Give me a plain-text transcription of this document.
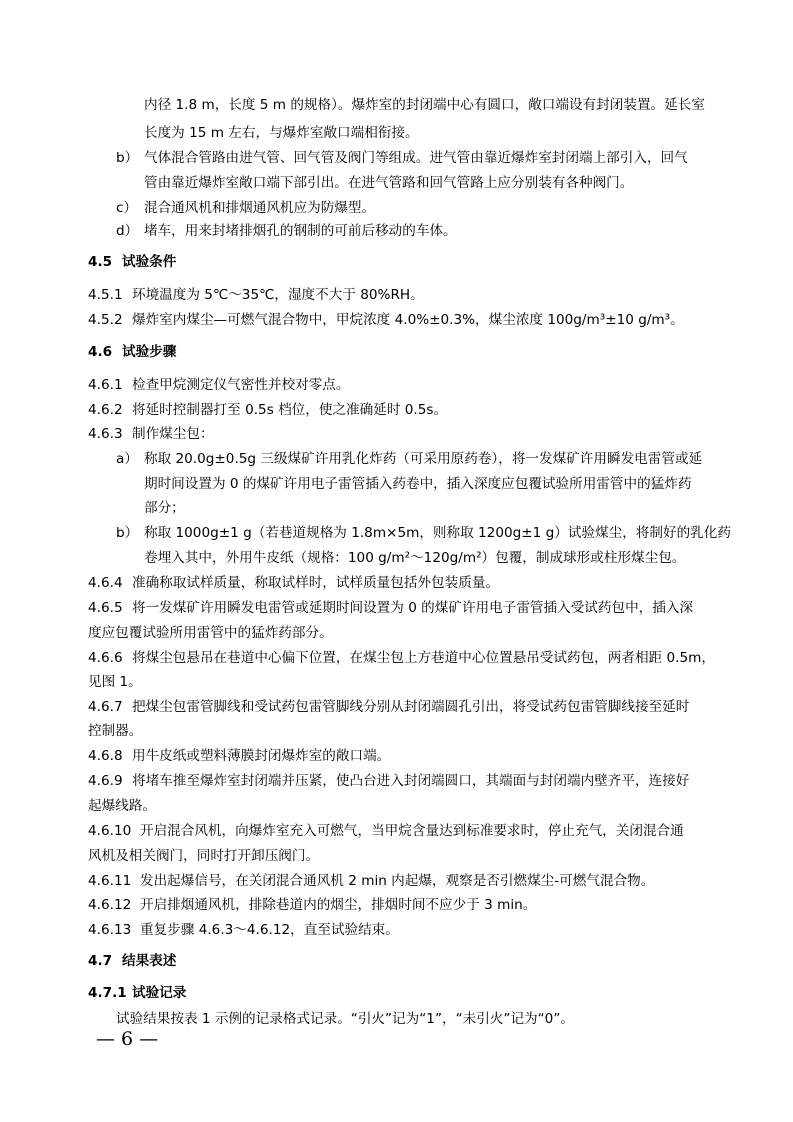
内径 1.8 m，长度 5 m 的规格）。爆炸室的封闭端中心有圆口，敞口端设有封闭装置。延长室
长度为 15 m 左右，与爆炸室敞口端相衔接。
b） 气体混合管路由进气管、回气管及阀门等组成。进气管由靠近爆炸室封闭端上部引入，回气
管由靠近爆炸室敞口端下部引出。在进气管路和回气管路上应分别装有各种阀门。
c） 混合通风机和排烟通风机应为防爆型。
d） 堵车，用来封堵排烟孔的钢制的可前后移动的车体。
4.5 试验条件
4.5.1 环境温度为 5℃～35℃，湿度不大于 80%RH。
4.5.2 爆炸室内煤尘—可燃气混合物中，甲烷浓度 4.0%±0.3%，煤尘浓度 100g/m³±10 g/m³。
4.6 试验步骤
4.6.1 检查甲烷测定仪气密性并校对零点。
4.6.2 将延时控制器打至 0.5s 档位，使之准确延时 0.5s。
4.6.3 制作煤尘包：
a） 称取 20.0g±0.5g 三级煤矿许用乳化炸药（可采用原药卷），将一发煤矿许用瞬发电雷管或延
期时间设置为 0 的煤矿许用电子雷管插入药卷中，插入深度应包覆试验所用雷管中的猛炸药
部分；
b） 称取 1000g±1 g（若巷道规格为 1.8m×5m，则称取 1200g±1 g）试验煤尘，将制好的乳化药
卷埋入其中，外用牛皮纸（规格：100 g/m²～120g/m²）包覆，制成球形或柱形煤尘包。
4.6.4 准确称取试样质量，称取试样时，试样质量包括外包装质量。
4.6.5 将一发煤矿许用瞬发电雷管或延期时间设置为 0 的煤矿许用电子雷管插入受试药包中，插入深
度应包覆试验所用雷管中的猛炸药部分。
4.6.6 将煤尘包悬吊在巷道中心偏下位置，在煤尘包上方巷道中心位置悬吊受试药包，两者相距 0.5m，
见图 1。
4.6.7 把煤尘包雷管脚线和受试药包雷管脚线分别从封闭端圆孔引出，将受试药包雷管脚线接至延时
控制器。
4.6.8 用牛皮纸或塑料薄膜封闭爆炸室的敞口端。
4.6.9 将堵车推至爆炸室封闭端并压紧，使凸台进入封闭端圆口，其端面与封闭端内壁齐平，连接好
起爆线路。
4.6.10 开启混合风机，向爆炸室充入可燃气，当甲烷含量达到标准要求时，停止充气，关闭混合通
风机及相关阀门，同时打开卸压阀门。
4.6.11 发出起爆信号，在关闭混合通风机 2 min 内起爆，观察是否引燃煤尘-可燃气混合物。
4.6.12 开启排烟通风机，排除巷道内的烟尘，排烟时间不应少于 3 min。
4.6.13 重复步骤 4.6.3～4.6.12，直至试验结束。
4.7 结果表述
4.7.1 试验记录
试验结果按表 1 示例的记录格式记录。“引火”记为“1”，“未引火”记为“0”。
— 6 —
